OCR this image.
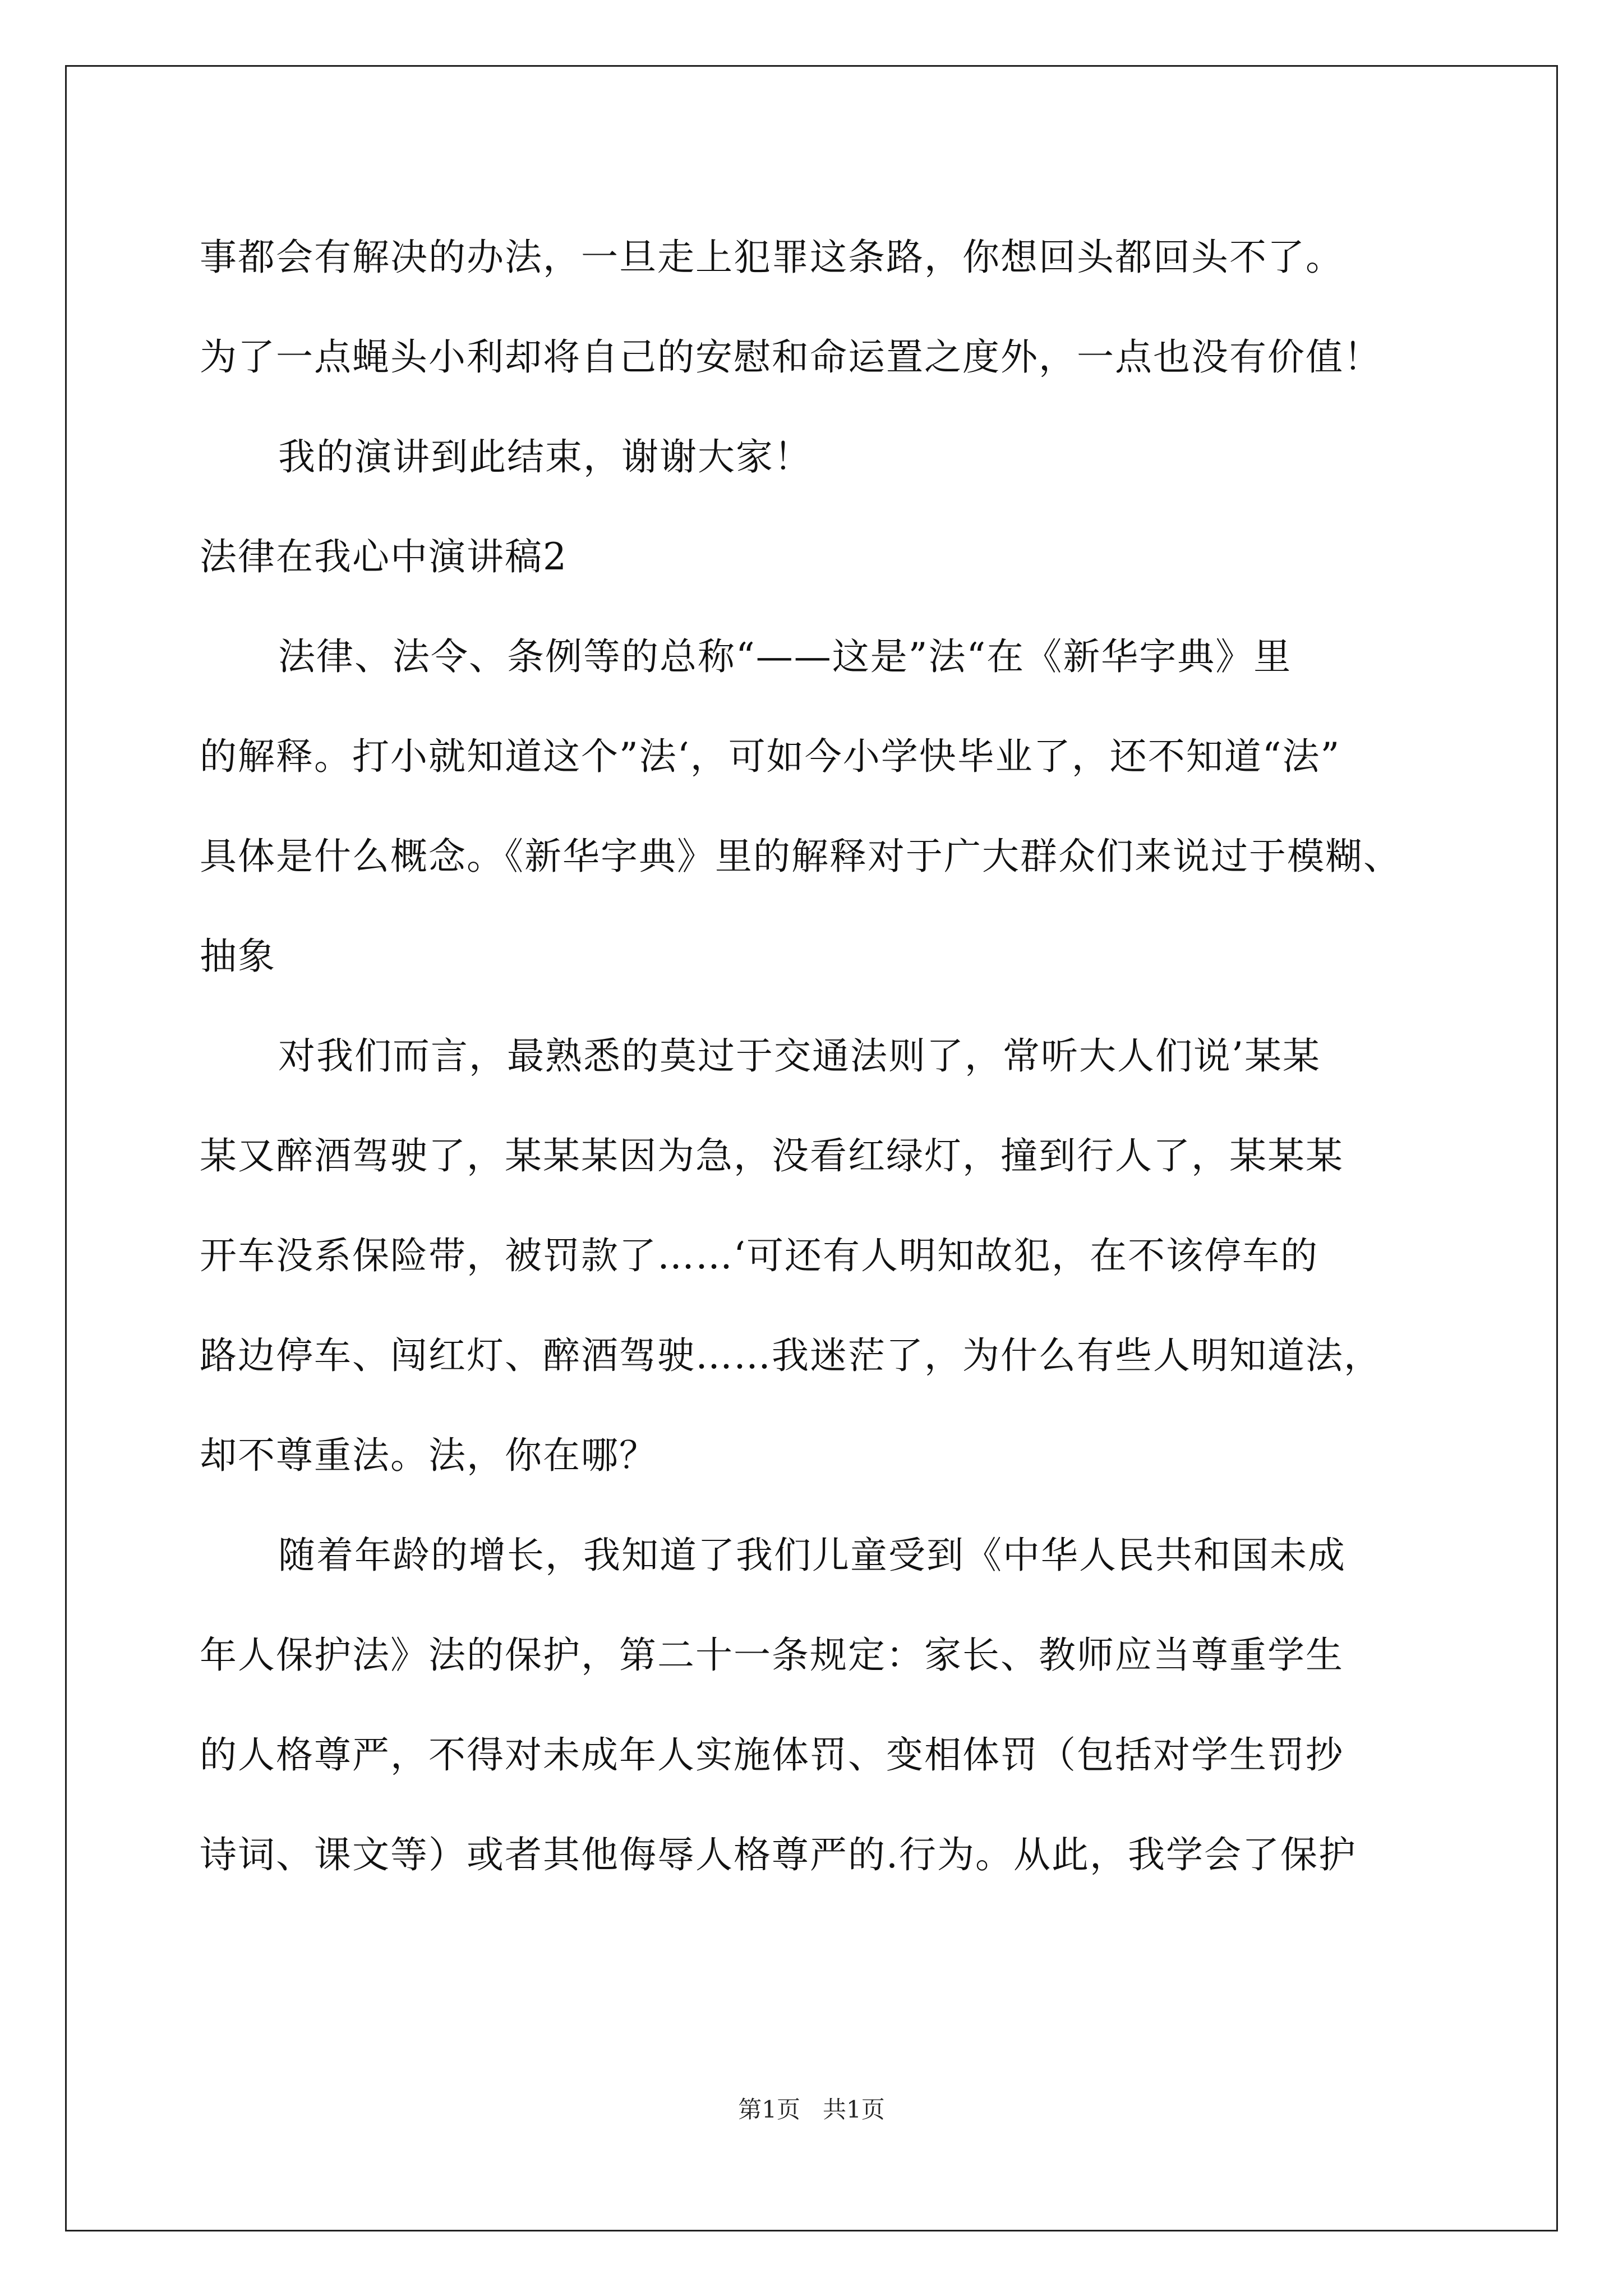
事都会有解决的办法，一旦走上犯罪这条路，你想回头都回头不了。
为了一点蝇头小利却将自己的安慰和命运置之度外，一点也没有价值！
我的演讲到此结束，谢谢大家！
法律在我心中演讲稿2
法律、法令、条例等的总称“——这是”法“在《新华字典》里
的解释。打小就知道这个”法‘，可如今小学快毕业了，还不知道“法”
具体是什么概念。《新华字典》里的解释对于广大群众们来说过于模糊、
抽象
对我们而言，最熟悉的莫过于交通法则了，常听大人们说’某某
某又醉酒驾驶了，某某某因为急，没看红绿灯，撞到行人了，某某某
开车没系保险带，被罚款了……‘可还有人明知故犯，在不该停车的
路边停车、闯红灯、醉酒驾驶……我迷茫了，为什么有些人明知道法，
却不尊重法。法，你在哪？
随着年龄的增长，我知道了我们儿童受到《中华人民共和国未成
年人保护法》法的保护，第二十一条规定：家长、教师应当尊重学生
的人格尊严，不得对未成年人实施体罚、变相体罚（包括对学生罚抄
诗词、课文等）或者其他侮辱人格尊严的.行为。从此，我学会了保护
第1页   共1页
